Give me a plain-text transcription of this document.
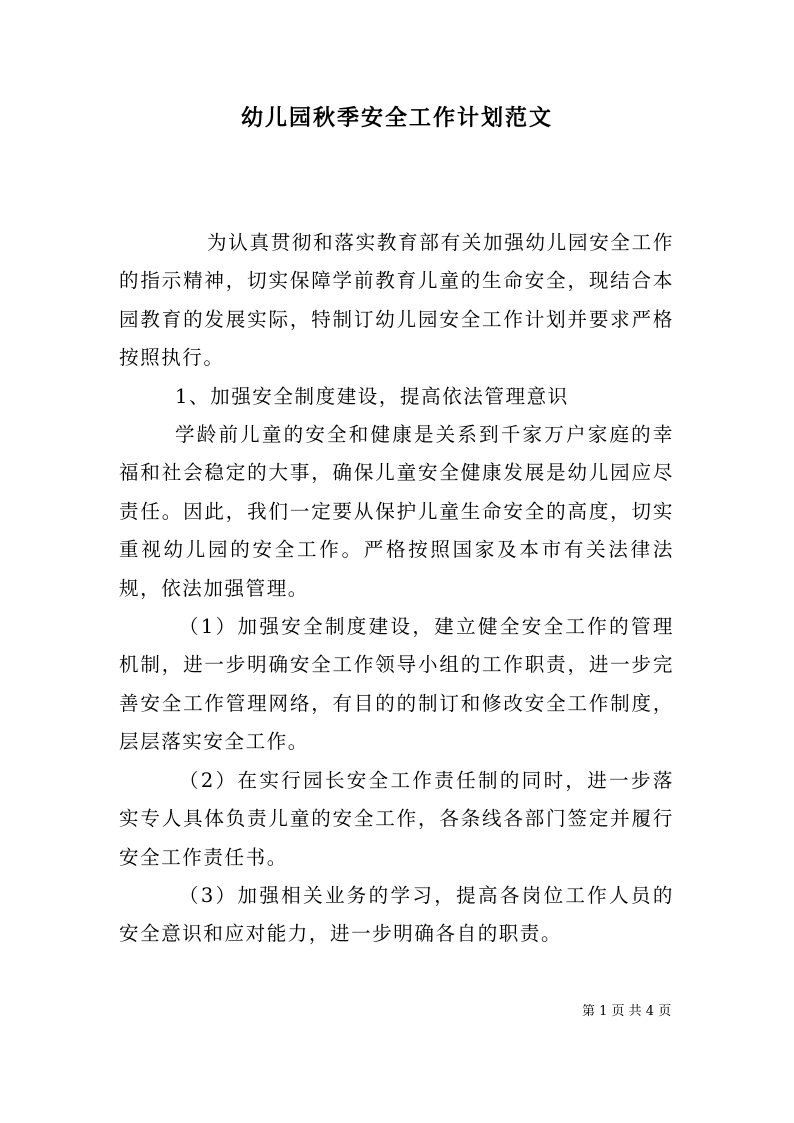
幼儿园秋季安全工作计划范文

为认真贯彻和落实教育部有关加强幼儿园安全工作的指示精神，切实保障学前教育儿童的生命安全，现结合本园教育的发展实际，特制订幼儿园安全工作计划并要求严格按照执行。

1、加强安全制度建设，提高依法管理意识

学龄前儿童的安全和健康是关系到千家万户家庭的幸福和社会稳定的大事，确保儿童安全健康发展是幼儿园应尽责任。因此，我们一定要从保护儿童生命安全的高度，切实重视幼儿园的安全工作。严格按照国家及本市有关法律法规，依法加强管理。

（1）加强安全制度建设，建立健全安全工作的管理机制，进一步明确安全工作领导小组的工作职责，进一步完善安全工作管理网络，有目的的制订和修改安全工作制度，层层落实安全工作。

（2）在实行园长安全工作责任制的同时，进一步落实专人具体负责儿童的安全工作，各条线各部门签定并履行安全工作责任书。

（3）加强相关业务的学习，提高各岗位工作人员的安全意识和应对能力，进一步明确各自的职责。

第 1 页 共 4 页
